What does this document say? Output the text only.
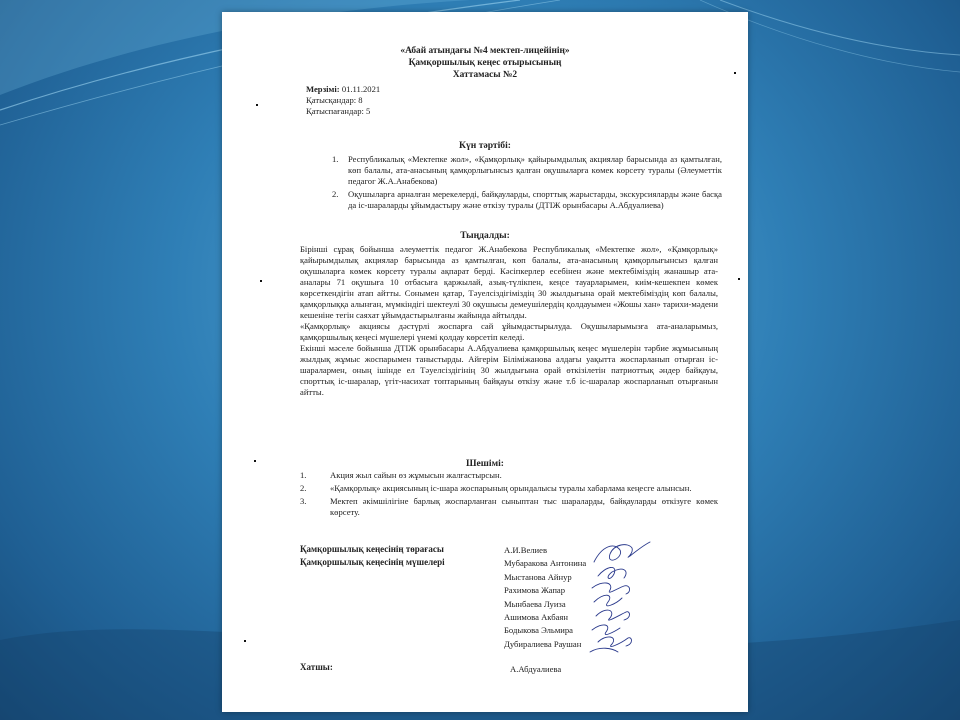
«Абай атындағы №4 мектеп-лицейінің»
Қамқоршылық кеңес отырысының
Хаттамасы №2
Мерзімі: 01.11.2021
Қатысқандар: 8
Қатыспағандар: 5
Күн тәртібі:
1. Республикалық «Мектепке жол», «Қамқорлық» қайырымдылық акциялар барысында аз қамтылған, көп балалы, ата-анасының қамқорлығынсыз қалған оқушыларға көмек көрсету туралы (Әлеуметтік педагог Ж.А.Анабекова)
2. Оқушыларға арналған мерекелерді, байқауларды, спорттық жарыстарды, экскурсияларды және басқа да іс-шараларды ұйымдастыру және өткізу туралы (ДТІЖ орынбасары А.Абдуалиева)
Тыңдалды:
Бірінші сұрақ бойынша әлеуметтік педагог Ж.Анабекова Республикалық «Мектепке жол», «Қамқорлық» қайырымдылық акциялар барысында аз қамтылған, көп балалы, ата-анасының қамқорлығынсыз қалған оқушыларға көмек көрсету туралы ақпарат берді. Кәсіпкерлер есебінен және мектебіміздің жанашыр ата-аналары 71 оқушыға 10 отбасыға қаржылай, азық-түлікпен, кеңсе тауарларымен, киім-кешекпен көмек көрсеткендігін атап айтты. Сонымен қатар, Тәуелсіздігіміздің 30 жылдығына орай мектебіміздің көп балалы, қамқорлыққа алынған, мүмкіндігі шектеулі 30 оқушысы демеушілердің қолдауымен «Жошы хан» тарихи-мәдени кешеніне тегін саяхат ұйымдастырылғаны жайында айтылды.
«Қамқорлық» акциясы дәстүрлі жоспарға сай ұйымдастырылуда. Оқушыларымызға ата-аналарымыз, қамқоршылық кеңесі мүшелері үнемі қолдау көрсетіп келеді.
Екінші мәселе бойынша ДТІЖ орынбасары А.Абдуалиева қамқоршылық кеңес мүшелерін тәрбие жұмысының жылдық жұмыс жоспарымен таныстырды. Айгерім Біліміжанова алдағы уақытта жоспарланып отырған іс-шаралармен, оның ішінде ел Тәуелсіздігінің 30 жылдығына орай өткізілетін патриоттық әндер байқауы, спорттық іс-шаралар, үгіт-насихат топтарының байқауы өткізу және т.б іс-шаралар жоспарланып отырғанын айтты.
Шешімі:
1.	Акция жыл сайын өз жұмысын жалғастырсын.
2.	«Қамқорлық» акциясының іс-шара жоспарының орындалысы туралы хабарлама кеңесге алынсын.
3.	Мектеп әкімшілігіне барлық жоспарланған сыныптан тыс шараларды, байқауларды өткізуге көмек көрсету.
Қамқоршылық кеңесінің төрағасы
Қамқоршылық кеңесінің мүшелері
А.И.Велиев
Мубаракова Антонина
Мыстанова Айнур
Рахимова Жапар
Мынбаева Луиза
Ашимова Акбаян
Бодыкова Эльмира
Дубиралиева Раушан
Хатшы:	А.Абдуалиева
